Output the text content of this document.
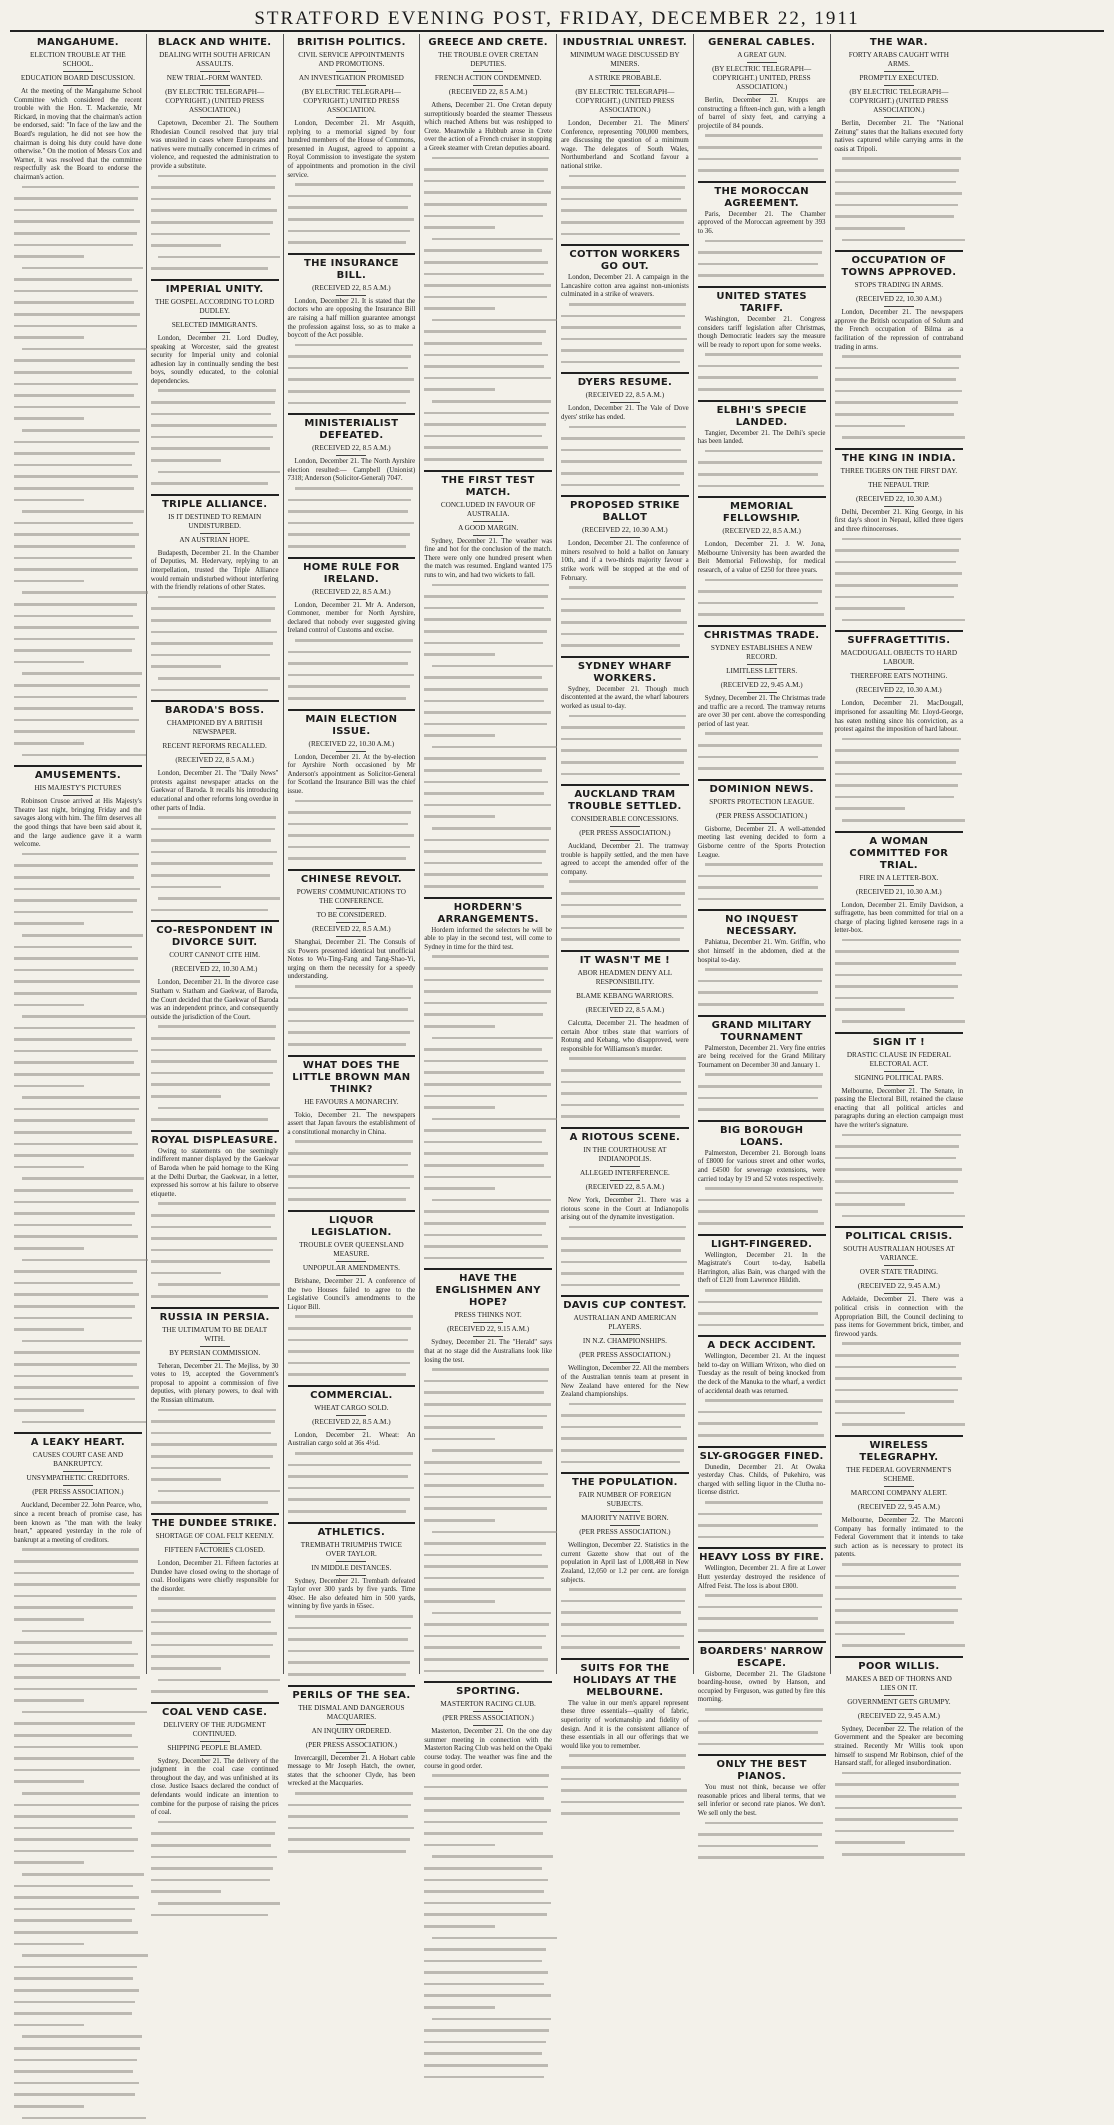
STRATFORD EVENING POST, FRIDAY, DECEMBER 22, 1911
MANGAHUME.
ELECTION TROUBLE AT THE SCHOOL.
EDUCATION BOARD DISCUSSION.

At the meeting of the Mangahume School Committee which considered the recent trouble with the Hon. T. Mackenzie, Mr Rickard, in moving that the chairman's action be endorsed, said: "In face of the law and the Board's regulation, he did not see how the chairman is doing his duty could have done otherwise." On the motion of Messrs Cox and Warner, it was resolved that the committee respectfully ask the Board to endorse the chairman's action.

AMUSEMENTS.
HIS MAJESTY'S PICTURES

Robinson Crusoe arrived at His Majesty's Theatre last night, bringing Friday and the savages along with him. The film deserves all the good things that have been said about it, and the large audience gave it a warm welcome.

A LEAKY HEART.
CAUSES COURT CASE AND BANKRUPTCY.
UNSYMPATHETIC CREDITORS.
(PER PRESS ASSOCIATION.)

Auckland, December 22. John Pearce, who, since a recent breach of promise case, has been known as "the man with the leaky heart," appeared yesterday in the role of bankrupt at a meeting of creditors.

BLACK AND WHITE.
DEALING WITH SOUTH AFRICAN ASSAULTS.
NEW TRIAL-FORM WANTED.
(BY ELECTRIC TELEGRAPH—COPYRIGHT.) (UNITED PRESS ASSOCIATION.)

Capetown, December 21. The Southern Rhodesian Council resolved that jury trial was unsuited in cases where Europeans and natives were mutually concerned in crimes of violence, and requested the administration to provide a substitute.

IMPERIAL UNITY.
THE GOSPEL ACCORDING TO LORD DUDLEY.
SELECTED IMMIGRANTS.

London, December 21. Lord Dudley, speaking at Worcester, said the greatest security for Imperial unity and colonial adhesion lay in continually sending the best boys, soundly educated, to the colonial dependencies.

TRIPLE ALLIANCE.
IS IT DESTINED TO REMAIN UNDISTURBED.
AN AUSTRIAN HOPE.

Budapesth, December 21. In the Chamber of Deputies, M. Hedervary, replying to an interpellation, trusted the Triple Alliance would remain undisturbed without interfering with the friendly relations of other States.

BARODA'S BOSS.
CHAMPIONED BY A BRITISH NEWSPAPER.
RECENT REFORMS RECALLED.
(RECEIVED 22, 8.5 A.M.)

London, December 21. The "Daily News" protests against newspaper attacks on the Gaekwar of Baroda. It recalls his introducing educational and other reforms long overdue in other parts of India.

CO-RESPONDENT IN DIVORCE SUIT.
COURT CANNOT CITE HIM.
(RECEIVED 22, 10.30 A.M.)

London, December 21. In the divorce case Statham v. Statham and Gaekwar, of Baroda, the Court decided that the Gaekwar of Baroda was an independent prince, and consequently outside the jurisdiction of the Court.

ROYAL DISPLEASURE.

Owing to statements on the seemingly indifferent manner displayed by the Gaekwar of Baroda when he paid homage to the King at the Delhi Durbar, the Gaekwar, in a letter, expressed his sorrow at his failure to observe etiquette.

RUSSIA IN PERSIA.
THE ULTIMATUM TO BE DEALT WITH.
BY PERSIAN COMMISSION.

Teheran, December 21. The Mejliss, by 30 votes to 19, accepted the Government's proposal to appoint a commission of five deputies, with plenary powers, to deal with the Russian ultimatum.

THE DUNDEE STRIKE.
SHORTAGE OF COAL FELT KEENLY.
FIFTEEN FACTORIES CLOSED.

London, December 21. Fifteen factories at Dundee have closed owing to the shortage of coal. Hooligans were chiefly responsible for the disorder.

COAL VEND CASE.
DELIVERY OF THE JUDGMENT CONTINUED.
SHIPPING PEOPLE BLAMED.

Sydney, December 21. The delivery of the judgment in the coal case continued throughout the day, and was unfinished at its close. Justice Isaacs declared the conduct of defendants would indicate an intention to combine for the purpose of raising the prices of coal.

BRITISH POLITICS.
CIVIL SERVICE APPOINTMENTS AND PROMOTIONS.
AN INVESTIGATION PROMISED
(BY ELECTRIC TELEGRAPH—COPYRIGHT.) UNITED PRESS ASSOCIATION.

London, December 21. Mr Asquith, replying to a memorial signed by four hundred members of the House of Commons, presented in August, agreed to appoint a Royal Commission to investigate the system of appointments and promotion in the civil service.

THE INSURANCE BILL.
(RECEIVED 22, 8.5 A.M.)

London, December 21. It is stated that the doctors who are opposing the Insurance Bill are raising a half million guarantee amongst the profession against loss, so as to make a boycott of the Act possible.

MINISTERIALIST DEFEATED.
(RECEIVED 22, 8.5 A.M.)

London, December 21. The North Ayrshire election resulted:— Campbell (Unionist) 7318; Anderson (Solicitor-General) 7047.

HOME RULE FOR IRELAND.
(RECEIVED 22, 8.5 A.M.)

London, December 21. Mr A. Anderson, Commoner, member for North Ayrshire, declared that nobody ever suggested giving Ireland control of Customs and excise.

MAIN ELECTION ISSUE.
(RECEIVED 22, 10.30 A.M.)

London, December 21. At the by-election for Ayrshire North occasioned by Mr Anderson's appointment as Solicitor-General for Scotland the Insurance Bill was the chief issue.

CHINESE REVOLT.
POWERS' COMMUNICATIONS TO THE CONFERENCE.
TO BE CONSIDERED.
(RECEIVED 22, 8.5 A.M.)

Shanghai, December 21. The Consuls of six Powers presented identical but unofficial Notes to Wu-Ting-Fang and Tang-Shao-Yi, urging on them the necessity for a speedy understanding.

WHAT DOES THE LITTLE BROWN MAN THINK?
HE FAVOURS A MONARCHY.

Tokio, December 21. The newspapers assert that Japan favours the establishment of a constitutional monarchy in China.

LIQUOR LEGISLATION.
TROUBLE OVER QUEENSLAND MEASURE.
UNPOPULAR AMENDMENTS.

Brisbane, December 21. A conference of the two Houses failed to agree to the Legislative Council's amendments to the Liquor Bill.

COMMERCIAL.
WHEAT CARGO SOLD.
(RECEIVED 22, 8.5 A.M.)

London, December 21. Wheat: An Australian cargo sold at 36s 4½d.

ATHLETICS.
TREMBATH TRIUMPHS TWICE OVER TAYLOR.
IN MIDDLE DISTANCES.

Sydney, December 21. Trembath defeated Taylor over 300 yards by five yards. Time 40sec. He also defeated him in 500 yards, winning by five yards in 65sec.

PERILS OF THE SEA.
THE DISMAL AND DANGEROUS MACQUARIES.
AN INQUIRY ORDERED.
(PER PRESS ASSOCIATION.)

Invercargill, December 21. A Hobart cable message to Mr Joseph Hatch, the owner, states that the schooner Clyde, has been wrecked at the Macquaries.

GREECE AND CRETE.
THE TROUBLE OVER CRETAN DEPUTIES.
FRENCH ACTION CONDEMNED.
(RECEIVED 22, 8.5 A.M.)

Athens, December 21. One Cretan deputy surreptitiously boarded the steamer Thesseus which reached Athens but was reshipped to Crete. Meanwhile a Hubbub arose in Crete over the action of a French cruiser in stopping a Greek steamer with Cretan deputies aboard.

THE FIRST TEST MATCH.
CONCLUDED IN FAVOUR OF AUSTRALIA.
A GOOD MARGIN.

Sydney, December 21. The weather was fine and hot for the conclusion of the match. There were only one hundred present when the match was resumed. England wanted 175 runs to win, and had two wickets to fall.

HORDERN'S ARRANGEMENTS.

Hordern informed the selectors he will be able to play in the second test, will come to Sydney in time for the third test.

HAVE THE ENGLISHMEN ANY HOPE?
PRESS THINKS NOT.
(RECEIVED 22, 9.15 A.M.)

Sydney, December 21. The "Herald" says that at no stage did the Australians look like losing the test.

SPORTING.
MASTERTON RACING CLUB.
(PER PRESS ASSOCIATION.)

Masterton, December 21. On the one day summer meeting in connection with the Masterton Racing Club was held on the Opaki course today. The weather was fine and the course in good order.

INDUSTRIAL UNREST.
MINIMUM WAGE DISCUSSED BY MINERS.
A STRIKE PROBABLE.
(BY ELECTRIC TELEGRAPH—COPYRIGHT.) (UNITED PRESS ASSOCIATION.)

London, December 21. The Miners' Conference, representing 700,000 members, are discussing the question of a minimum wage. The delegates of South Wales, Northumberland and Scotland favour a national strike.

COTTON WORKERS GO OUT.

London, December 21. A campaign in the Lancashire cotton area against non-unionists culminated in a strike of weavers.

DYERS RESUME.
(RECEIVED 22, 8.5 A.M.)

London, December 21. The Vale of Dove dyers' strike has ended.

PROPOSED STRIKE BALLOT
(RECEIVED 22, 10.30 A.M.)

London, December 21. The conference of miners resolved to hold a ballot on January 10th, and if a two-thirds majority favour a strike work will be stopped at the end of February.

SYDNEY WHARF WORKERS.

Sydney, December 21. Though much discontented at the award, the wharf labourers worked as usual to-day.

AUCKLAND TRAM TROUBLE SETTLED.
CONSIDERABLE CONCESSIONS.
(PER PRESS ASSOCIATION.)

Auckland, December 21. The tramway trouble is happily settled, and the men have agreed to accept the amended offer of the company.

IT WASN'T ME !
ABOR HEADMEN DENY ALL RESPONSIBILITY.
BLAME KEBANG WARRIORS.
(RECEIVED 22, 8.5 A.M.)

Calcutta, December 21. The headmen of certain Abor tribes state that warriors of Rotung and Kebang, who disapproved, were responsible for Williamson's murder.

A RIOTOUS SCENE.
IN THE COURTHOUSE AT INDIANOPOLIS.
ALLEGED INTERFERENCE.
(RECEIVED 22, 8.5 A.M.)

New York, December 21. There was a riotous scene in the Court at Indianopolis arising out of the dynamite investigation.

DAVIS CUP CONTEST.
AUSTRALIAN AND AMERICAN PLAYERS.
IN N.Z. CHAMPIONSHIPS.
(PER PRESS ASSOCIATION.)

Wellington, December 22. All the members of the Australian tennis team at present in New Zealand have entered for the New Zealand championships.

THE POPULATION.
FAIR NUMBER OF FOREIGN SUBJECTS.
MAJORITY NATIVE BORN.
(PER PRESS ASSOCIATION.)

Wellington, December 22. Statistics in the current Gazette show that out of the population in April last of 1,008,468 in New Zealand, 12,050 or 1.2 per cent. are foreign subjects.

SUITS FOR THE HOLIDAYS AT THE MELBOURNE.

The value in our men's apparel represent these three essentials—quality of fabric, superiority of workmanship and fidelity of design. And it is the consistent alliance of these essentials in all our offerings that we would like you to remember.

GENERAL CABLES.
A GREAT GUN.
(BY ELECTRIC TELEGRAPH—COPYRIGHT.) UNITED, PRESS ASSOCIATION.)

Berlin, December 21. Krupps are constructing a fifteen-inch gun, with a length of barrel of sixty feet, and carrying a projectile of 84 pounds.

THE MOROCCAN AGREEMENT.

Paris, December 21. The Chamber approved of the Moroccan agreement by 393 to 36.

UNITED STATES TARIFF.

Washington, December 21. Congress considers tariff legislation after Christmas, though Democratic leaders say the measure will be ready to report upon for some weeks.

ELBHI'S SPECIE LANDED.

Tangier, December 21. The Delhi's specie has been landed.

MEMORIAL FELLOWSHIP.
(RECEIVED 22, 8.5 A.M.)

London, December 21. J. W. Jona, Melbourne University has been awarded the Beit Memorial Fellowship, for medical research, of a value of £250 for three years.

CHRISTMAS TRADE.
SYDNEY ESTABLISHES A NEW RECORD.
LIMITLESS LETTERS.
(RECEIVED 22, 9.45 A.M.)

Sydney, December 21. The Christmas trade and traffic are a record. The tramway returns are over 30 per cent. above the corresponding period of last year.

DOMINION NEWS.
SPORTS PROTECTION LEAGUE.
(PER PRESS ASSOCIATION.)

Gisborne, December 21. A well-attended meeting last evening decided to form a Gisborne centre of the Sports Protection League.

NO INQUEST NECESSARY.

Pahiatua, December 21. Wm. Griffin, who shot himself in the abdomen, died at the hospital to-day.

GRAND MILITARY TOURNAMENT

Palmerston, December 21. Very fine entries are being received for the Grand Military Tournament on December 30 and January 1.

BIG BOROUGH LOANS.

Palmerston, December 21. Borough loans of £8000 for various street and other works, and £4500 for sewerage extensions, were carried today by 19 and 52 votes respectively.

LIGHT-FINGERED.

Wellington, December 21. In the Magistrate's Court to-day, Isabella Harrington, alias Bain, was charged with the theft of £120 from Lawrence Hildith.

A DECK ACCIDENT.

Wellington, December 21. At the inquest held to-day on William Wrixon, who died on Tuesday as the result of being knocked from the deck of the Manuka to the wharf, a verdict of accidental death was returned.

SLY-GROGGER FINED.

Dunedin, December 21. At Owaka yesterday Chas. Childs, of Pukehiro, was charged with selling liquor in the Clutha no-license district.

HEAVY LOSS BY FIRE.

Wellington, December 21. A fire at Lower Hutt yesterday destroyed the residence of Alfred Feist. The loss is about £800.

BOARDERS' NARROW ESCAPE.

Gisborne, December 21. The Gladstone boarding-house, owned by Hanson, and occupied by Ferguson, was gutted by fire this morning.

ONLY THE BEST PIANOS.

You must not think, because we offer reasonable prices and liberal terms, that we sell inferior or second rate pianos. We don't. We sell only the best.

THE WAR.
FORTY ARABS CAUGHT WITH ARMS.
PROMPTLY EXECUTED.
(BY ELECTRIC TELEGRAPH—COPYRIGHT.) (UNITED PRESS ASSOCIATION.)

Berlin, December 21. The "National Zeitung" states that the Italians executed forty natives captured while carrying arms in the oasis at Tripoli.

OCCUPATION OF TOWNS APPROVED.
STOPS TRADING IN ARMS.
(RECEIVED 22, 10.30 A.M.)

London, December 21. The newspapers approve the British occupation of Solum and the French occupation of Bilma as a facilitation of the repression of contraband trading in arms.

THE KING IN INDIA.
THREE TIGERS ON THE FIRST DAY.
THE NEPAUL TRIP.
(RECEIVED 22, 10.30 A.M.)

Delhi, December 21. King George, in his first day's shoot in Nepaul, killed three tigers and three rhinoceroses.

SUFFRAGETTITIS.
MACDOUGALL OBJECTS TO HARD LABOUR.
THEREFORE EATS NOTHING.
(RECEIVED 22, 10.30 A.M.)

London, December 21. MacDougall, imprisoned for assaulting Mr. Lloyd-George, has eaten nothing since his conviction, as a protest against the imposition of hard labour.

A WOMAN COMMITTED FOR TRIAL.
FIRE IN A LETTER-BOX.
(RECEIVED 21, 10.30 A.M.)

London, December 21. Emily Davidson, a suffragette, has been committed for trial on a charge of placing lighted kerosene rags in a letter-box.

SIGN IT !
DRASTIC CLAUSE IN FEDERAL ELECTORAL ACT.
SIGNING POLITICAL PARS.

Melbourne, December 21. The Senate, in passing the Electoral Bill, retained the clause enacting that all political articles and paragraphs during an election campaign must have the writer's signature.

POLITICAL CRISIS.
SOUTH AUSTRALIAN HOUSES AT VARIANCE.
OVER STATE TRADING.
(RECEIVED 22, 9.45 A.M.)

Adelaide, December 21. There was a political crisis in connection with the Appropriation Bill, the Council declining to pass items for Government brick, timber, and firewood yards.

WIRELESS TELEGRAPHY.
THE FEDERAL GOVERNMENT'S SCHEME.
MARCONI COMPANY ALERT.
(RECEIVED 22, 9.45 A.M.)

Melbourne, December 22. The Marconi Company has formally intimated to the Federal Government that it intends to take such action as is necessary to protect its patents.

POOR WILLIS.
MAKES A BED OF THORNS AND LIES ON IT.
GOVERNMENT GETS GRUMPY.
(RECEIVED 22, 9.45 A.M.)

Sydney, December 22. The relation of the Government and the Speaker are becoming strained. Recently Mr Willis took upon himself to suspend Mr Robinson, chief of the Hansard staff, for alleged insubordination.
